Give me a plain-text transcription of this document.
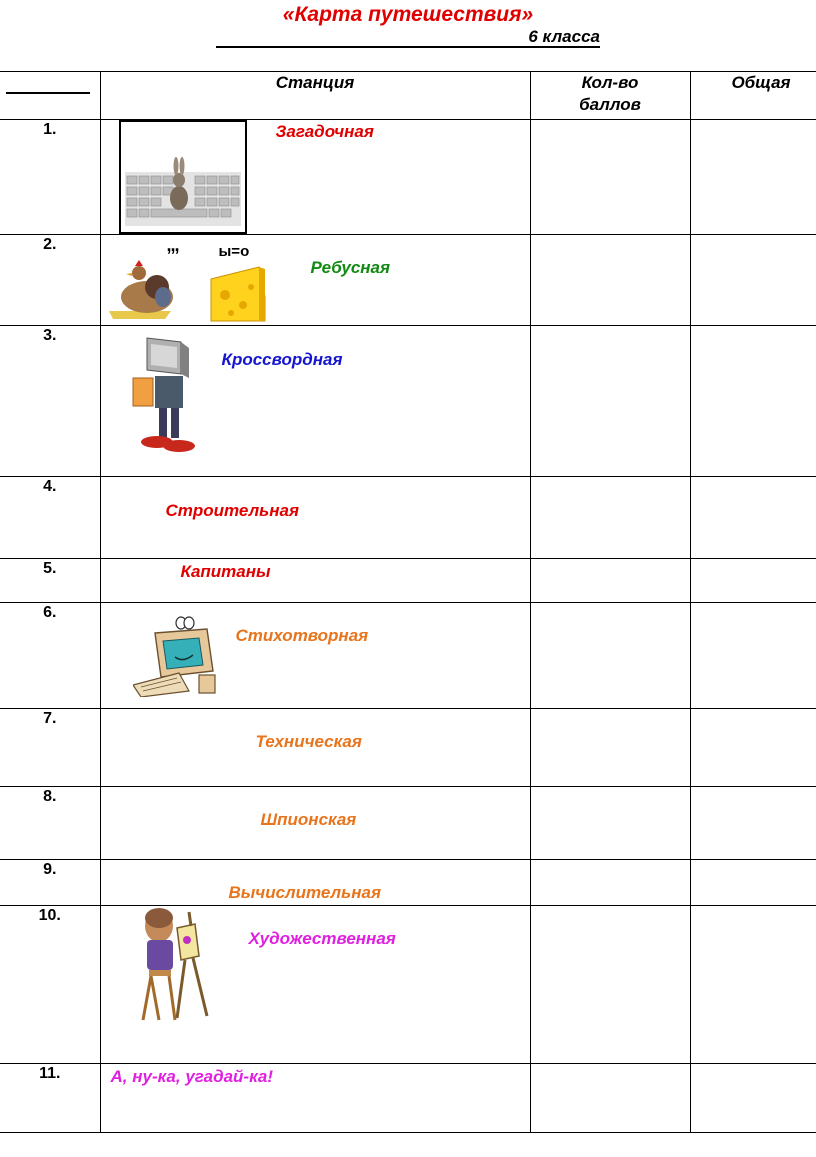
«Карта путешествия»
6 класса
	Станция	Кол-во баллов	Общая
1.	Загадочная		

2.	,,, ы=о
Ребусная		

3.	Кроссвордная		

4.	Строительная		

5.	Капитаны		

6.	Стихотворная		

7.	Техническая		

8.	Шпионская		

9.	Вычислительная		

10.	Художественная		

11.	А, ну-ка, угадай-ка!		
